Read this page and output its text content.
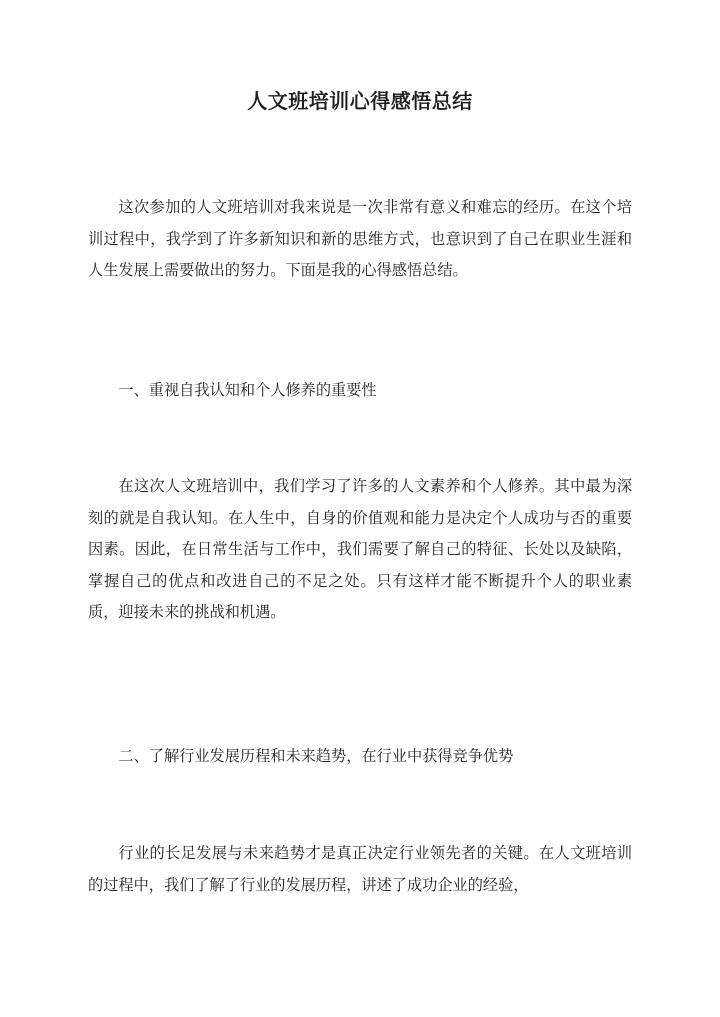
人文班培训心得感悟总结

这次参加的人文班培训对我来说是一次非常有意义和难忘的经历。在这个培训过程中，我学到了许多新知识和新的思维方式，也意识到了自己在职业生涯和人生发展上需要做出的努力。下面是我的心得感悟总结。

一、重视自我认知和个人修养的重要性

在这次人文班培训中，我们学习了许多的人文素养和个人修养。其中最为深刻的就是自我认知。在人生中，自身的价值观和能力是决定个人成功与否的重要因素。因此，在日常生活与工作中，我们需要了解自己的特征、长处以及缺陷，掌握自己的优点和改进自己的不足之处。只有这样才能不断提升个人的职业素质，迎接未来的挑战和机遇。

二、了解行业发展历程和未来趋势，在行业中获得竞争优势

行业的长足发展与未来趋势才是真正决定行业领先者的关键。在人文班培训的过程中，我们了解了行业的发展历程，讲述了成功企业的经验，
